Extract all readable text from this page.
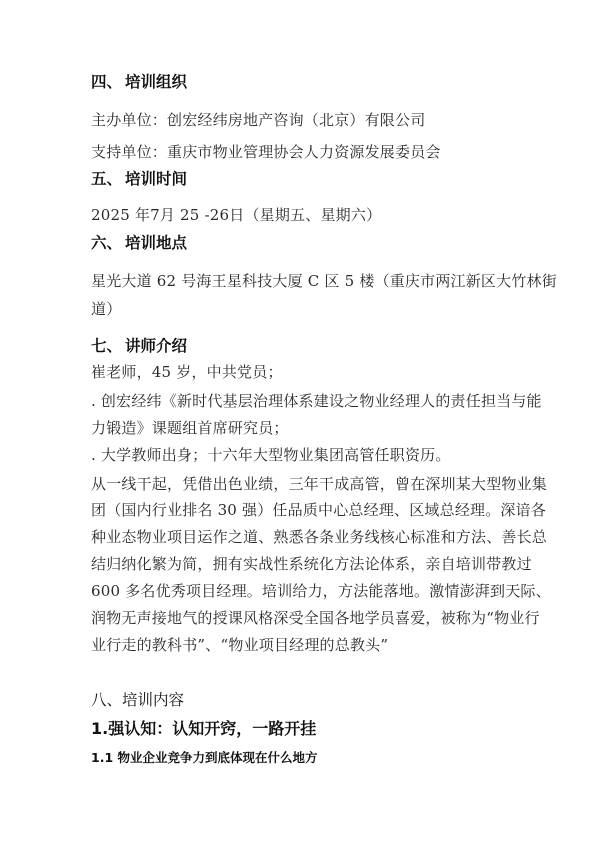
四、 培训组织
主办单位：创宏经纬房地产咨询（北京）有限公司
支持单位：重庆市物业管理协会人力资源发展委员会
五、 培训时间
2025 年7月 25 -26日（星期五、星期六）
六、 培训地点
星光大道 62 号海王星科技大厦 C 区 5 楼（重庆市两江新区大竹林街
道）
七、 讲师介绍
崔老师，45 岁，中共党员；
. 创宏经纬《新时代基层治理体系建设之物业经理人的责任担当与能
力锻造》课题组首席研究员；
. 大学教师出身；十六年大型物业集团高管任职资历。
从一线干起，凭借出色业绩，三年干成高管，曾在深圳某大型物业集
团（国内行业排名 30 强）任品质中心总经理、区域总经理。深谙各
种业态物业项目运作之道、熟悉各条业务线核心标准和方法、善长总
结归纳化繁为简，拥有实战性系统化方法论体系，亲自培训带教过
600 多名优秀项目经理。培训给力，方法能落地。激情澎湃到天际、
润物无声接地气的授课风格深受全国各地学员喜爱，被称为“物业行
业行走的教科书”、“物业项目经理的总教头”
八、培训内容
1.强认知：认知开窍，一路开挂
1.1 物业企业竞争力到底体现在什么地方
